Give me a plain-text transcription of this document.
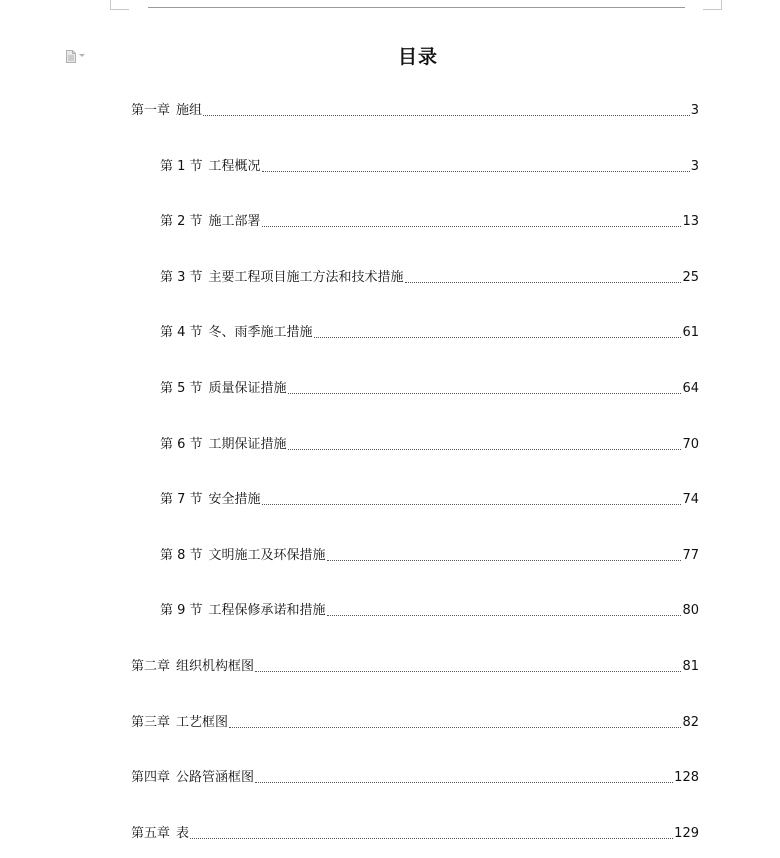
目录
第一章 施组	3
第 1 节 工程概况	3
第 2 节 施工部署	13
第 3 节 主要工程项目施工方法和技术措施	25
第 4 节 冬、雨季施工措施	61
第 5 节 质量保证措施	64
第 6 节 工期保证措施	70
第 7 节 安全措施	74
第 8 节 文明施工及环保措施	77
第 9 节 工程保修承诺和措施	80
第二章 组织机构框图	81
第三章 工艺框图	82
第四章 公路管涵框图	128
第五章 表	129
